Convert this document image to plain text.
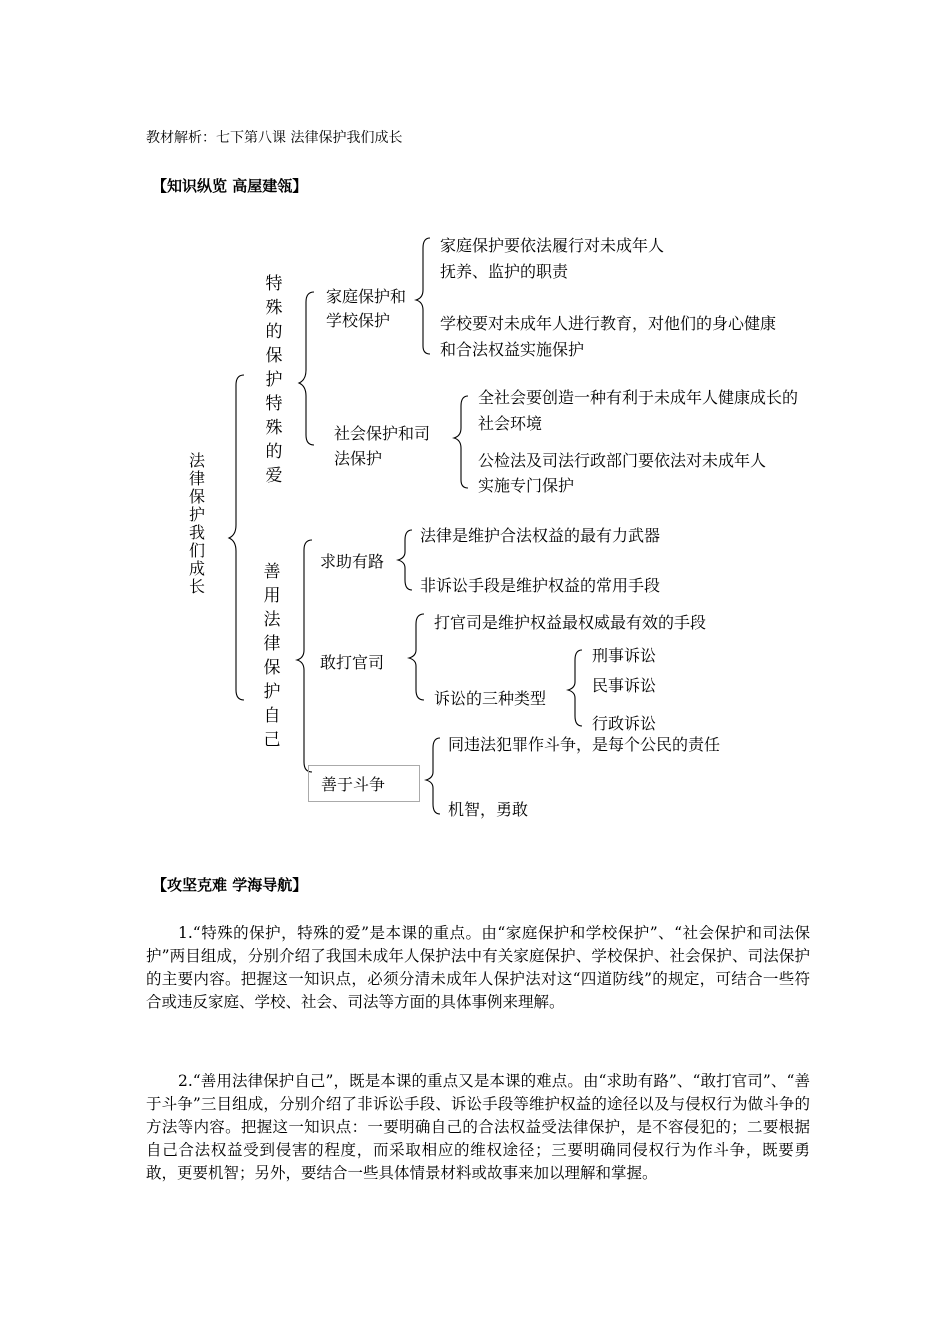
教材解析：七下第八课 法律保护我们成长
【知识纵览 高屋建瓴】
法律保护我们成长
特殊的保护特殊的爱
家庭保护和
学校保护
家庭保护要依法履行对未成年人
抚养、监护的职责
学校要对未成年人进行教育，对他们的身心健康
和合法权益实施保护
社会保护和司
法保护
全社会要创造一种有利于未成年人健康成长的
社会环境
公检法及司法行政部门要依法对未成年人
实施专门保护
善用法律保护自己
求助有路
法律是维护合法权益的最有力武器
非诉讼手段是维护权益的常用手段
敢打官司
打官司是维护权益最权威最有效的手段
诉讼的三种类型
刑事诉讼
民事诉讼
行政诉讼
善于斗争
同违法犯罪作斗争，是每个公民的责任
机智，勇敢
【攻坚克难 学海导航】
1.“特殊的保护，特殊的爱”是本课的重点。由“家庭保护和学校保护”、“社会保护和司法保护”两目组成，分别介绍了我国未成年人保护法中有关家庭保护、学校保护、社会保护、司法保护的主要内容。把握这一知识点，必须分清未成年人保护法对这“四道防线”的规定，可结合一些符合或违反家庭、学校、社会、司法等方面的具体事例来理解。
2.“善用法律保护自己”，既是本课的重点又是本课的难点。由“求助有路”、“敢打官司”、“善于斗争”三目组成，分别介绍了非诉讼手段、诉讼手段等维护权益的途径以及与侵权行为做斗争的方法等内容。把握这一知识点：一要明确自己的合法权益受法律保护，是不容侵犯的；二要根据自己合法权益受到侵害的程度，而采取相应的维权途径；三要明确同侵权行为作斗争，既要勇敢，更要机智；另外，要结合一些具体情景材料或故事来加以理解和掌握。
